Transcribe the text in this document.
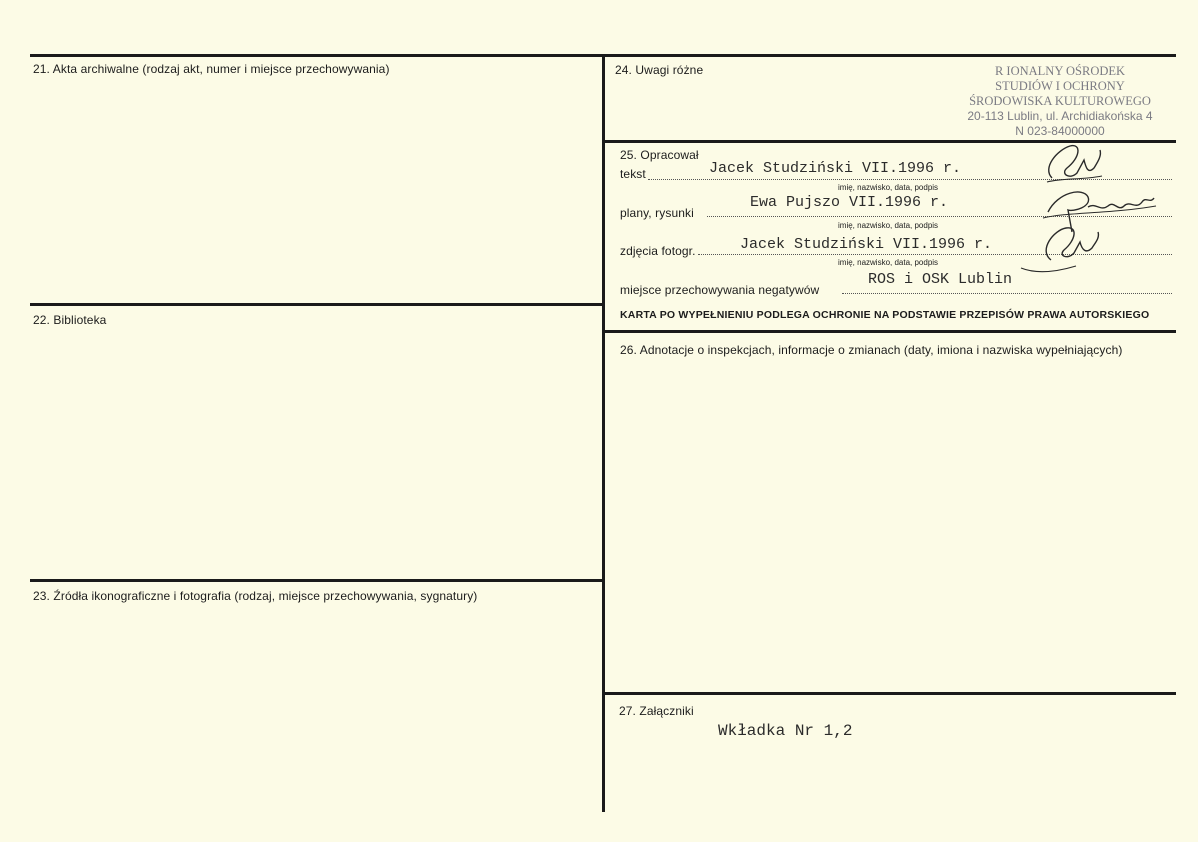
21. Akta archiwalne (rodzaj akt, numer i miejsce przechowywania)
22. Biblioteka
23. Źródła ikonograficzne i fotografia (rodzaj, miejsce przechowywania, sygnatury)
24. Uwagi różne
25. Opracował
26. Adnotacje o inspekcjach, informacje o zmianach (daty, imiona i nazwiska wypełniających)
27. Załączniki
R IONALNY OŚRODEK
STUDIÓW I OCHRONY
ŚRODOWISKA KULTUROWEGO
20-113 Lublin, ul. Archidiakońska 4
N 023-84000000
tekst	Jacek Studziński VII.1996 r.
imię, nazwisko, data, podpis
plany, rysunki
Ewa Pujszo VII.1996 r.
imię, nazwisko, data, podpis
zdjęcia fotogr.	Jacek Studziński VII.1996 r.
imię, nazwisko, data, podpis
miejsce przechowywania negatywów
ROS i OSK Lublin
KARTA PO WYPEŁNIENIU PODLEGA OCHRONIE NA PODSTAWIE PRZEPISÓW PRAWA AUTORSKIEGO
Wkładka Nr 1,2
